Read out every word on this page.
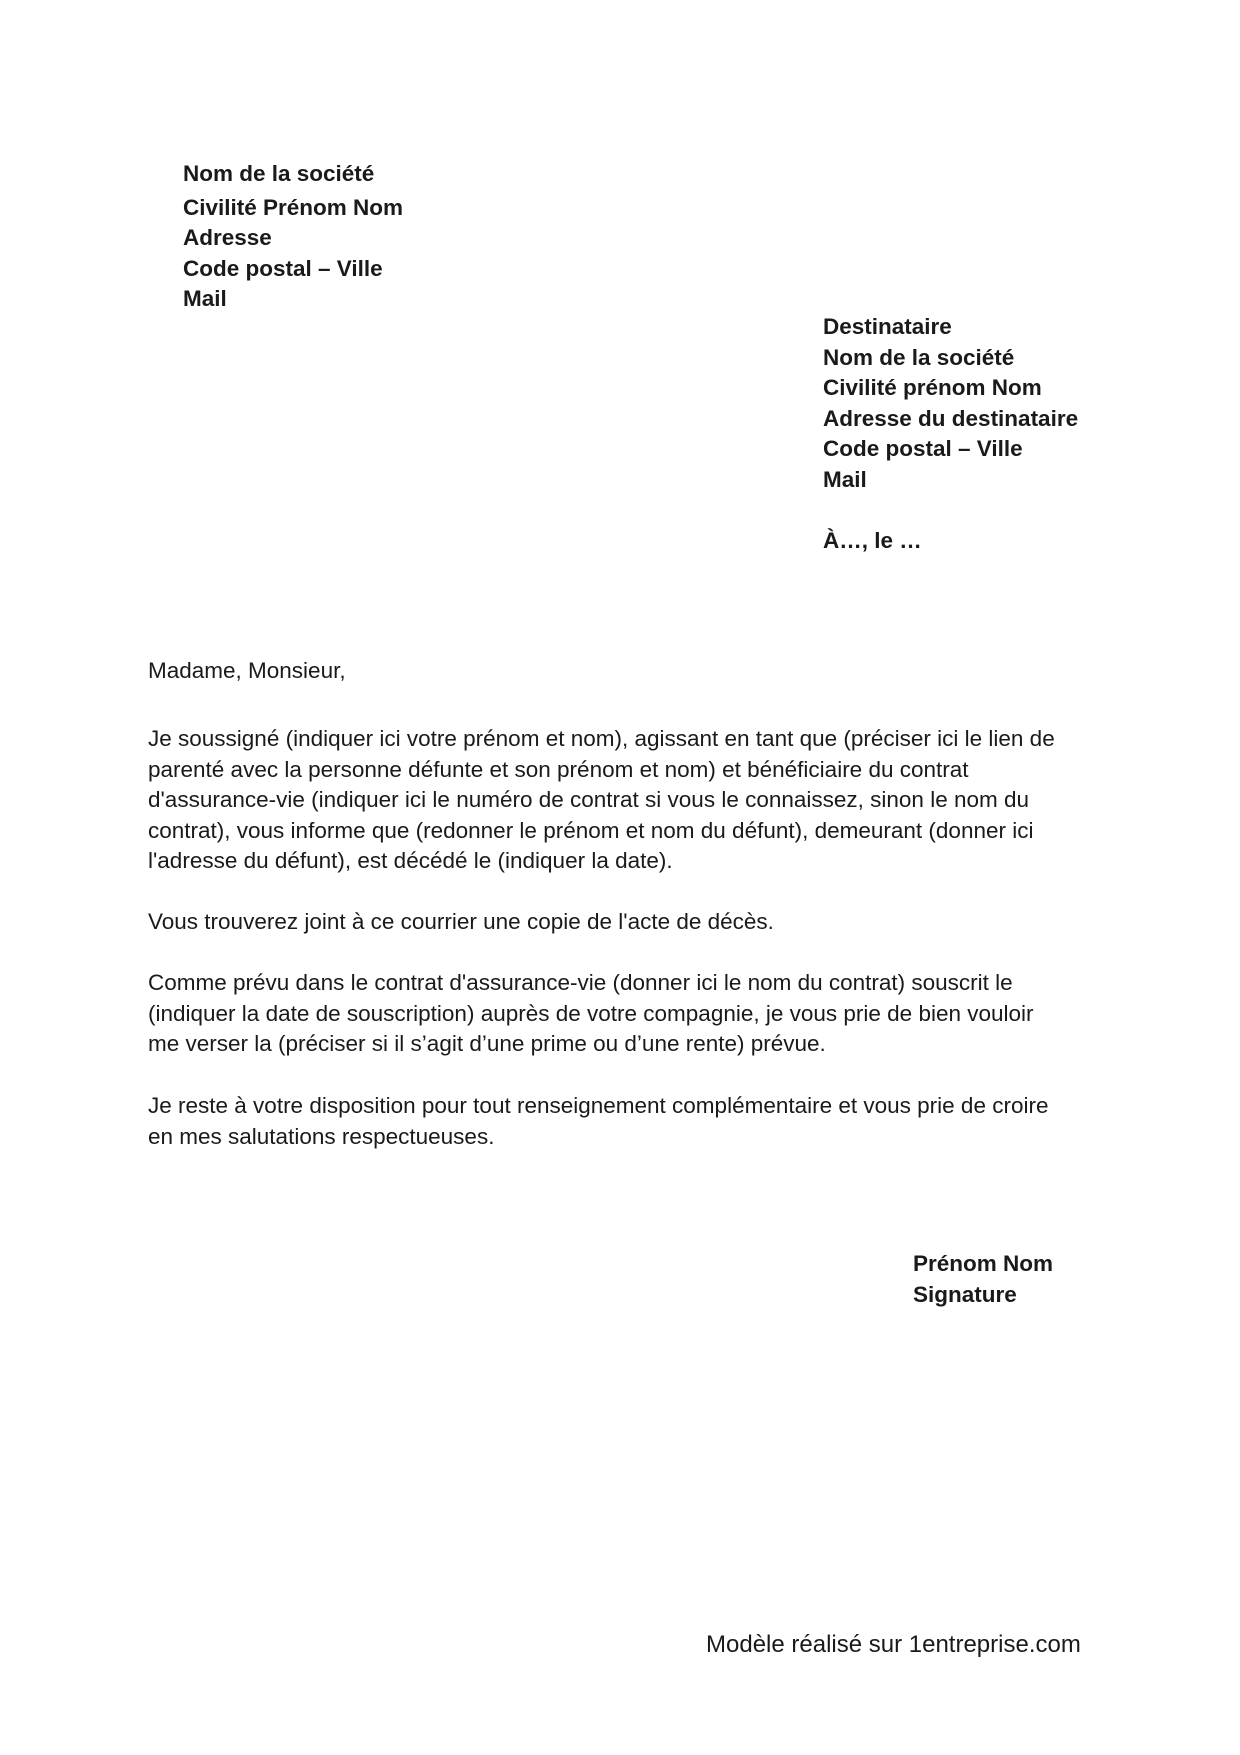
Nom de la société
Civilité Prénom Nom
Adresse
Code postal – Ville
Mail
Destinataire
Nom de la société
Civilité prénom Nom
Adresse du destinataire
Code postal – Ville
Mail
À…, le …
Madame, Monsieur,
Je soussigné (indiquer ici votre prénom et nom), agissant en tant que (préciser ici le lien de
parenté avec la personne défunte et son prénom et nom) et bénéficiaire du contrat
d'assurance-vie (indiquer ici le numéro de contrat si vous le connaissez, sinon le nom du
contrat), vous informe que (redonner le prénom et nom du défunt), demeurant (donner ici
l'adresse du défunt), est décédé le (indiquer la date).
Vous trouverez joint à ce courrier une copie de l'acte de décès.
Comme prévu dans le contrat d'assurance-vie (donner ici le nom du contrat) souscrit le
(indiquer la date de souscription) auprès de votre compagnie, je vous prie de bien vouloir
me verser la (préciser si il s’agit d’une prime ou d’une rente) prévue.
Je reste à votre disposition pour tout renseignement complémentaire et vous prie de croire
en mes salutations respectueuses.
Prénom Nom
Signature
Modèle réalisé sur 1entreprise.com
